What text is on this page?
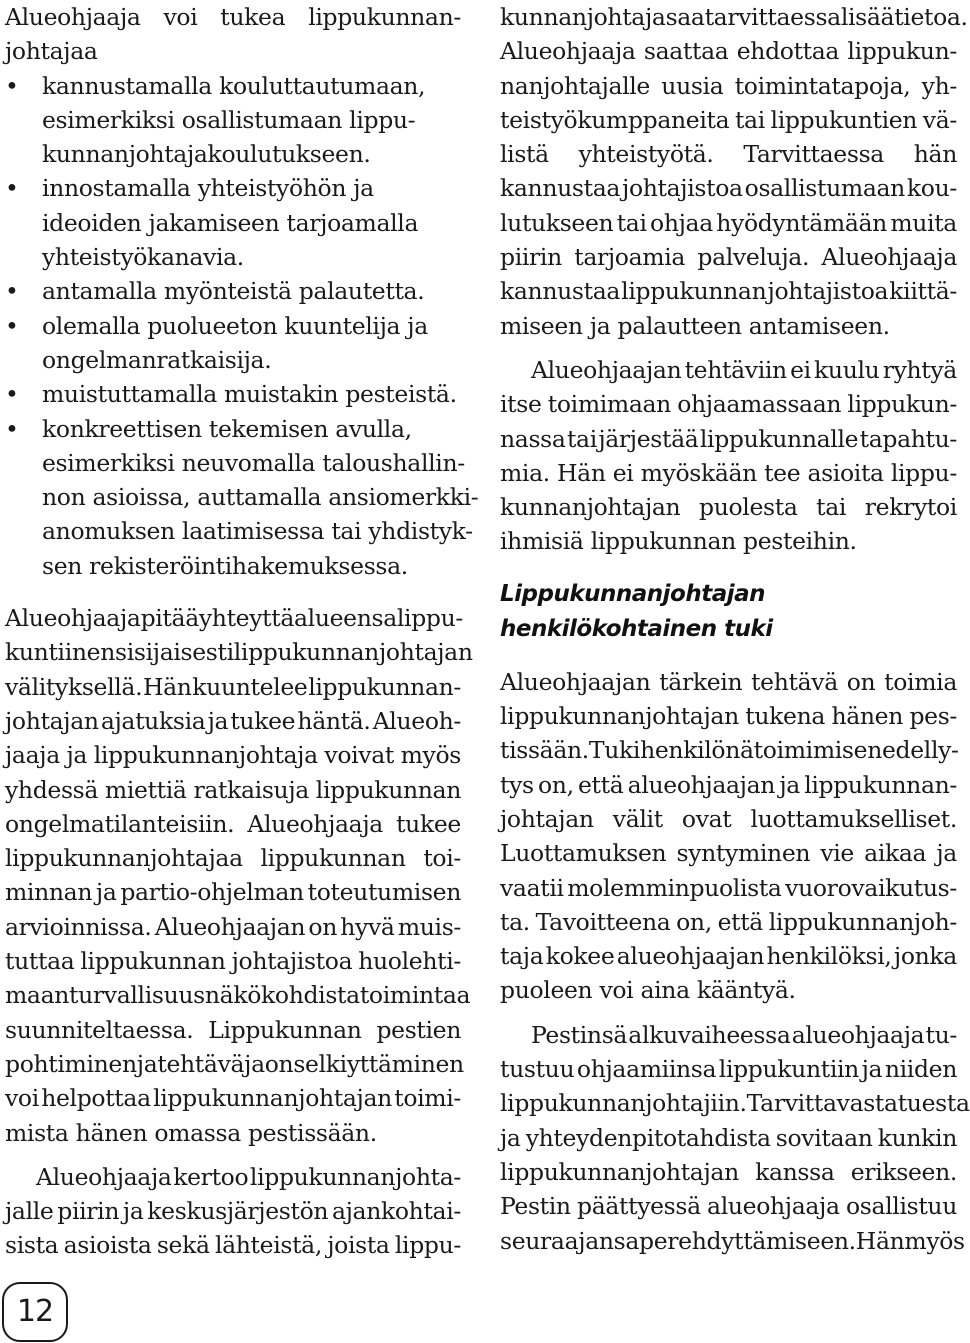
Alueohjaaja voi tukea lippukunnan-
johtajaa
• kannustamalla kouluttautumaan,
esimerkiksi osallistumaan lippu-
kunnanjohtajakoulutukseen.
• innostamalla yhteistyöhön ja
ideoiden jakamiseen tarjoamalla
yhteistyökanavia.
• antamalla myönteistä palautetta.
• olemalla puolueeton kuuntelija ja
ongelmanratkaisija.
• muistuttamalla muistakin pesteistä.
• konkreettisen tekemisen avulla,
esimerkiksi neuvomalla taloushallin-
non asioissa, auttamalla ansiomerkki-
anomuksen laatimisessa tai yhdistyk-
sen rekisteröintihakemuksessa.
Alueohjaaja pitää yhteyttä alueensa lippu-
kuntiin ensisijaisesti lippukunnanjohtajan
välityksellä. Hän kuuntelee lippukunnan-
johtajan ajatuksia ja tukee häntä. Alueoh-
jaaja ja lippukunnanjohtaja voivat myös
yhdessä miettiä ratkaisuja lippukunnan
ongelmatilanteisiin. Alueohjaaja tukee
lippukunnanjohtajaa lippukunnan toi-
minnan ja partio-ohjelman toteutumisen
arvioinnissa. Alueohjaajan on hyvä muis-
tuttaa lippukunnan johtajistoa huolehti-
maan turvallisuusnäkökohdista toimintaa
suunniteltaessa. Lippukunnan pestien
pohtiminen ja tehtäväjaon selkiyttäminen
voi helpottaa lippukunnanjohtajan toimi-
mista hänen omassa pestissään.
Alueohjaaja kertoo lippukunnanjohta-
jalle piirin ja keskusjärjestön ajankohtai-
sista asioista sekä lähteistä, joista lippu-
kunnanjohtaja saa tarvittaessa lisää tietoa.
Alueohjaaja saattaa ehdottaa lippukun-
nanjohtajalle uusia toimintatapoja, yh-
teistyökumppaneita tai lippukuntien vä-
listä yhteistyötä. Tarvittaessa hän
kannustaa johtajistoa osallistumaan kou-
lutukseen tai ohjaa hyödyntämään muita
piirin tarjoamia palveluja. Alueohjaaja
kannustaa lippukunnan johtajistoa kiittä-
miseen ja palautteen antamiseen.
Alueohjaajan tehtäviin ei kuulu ryhtyä
itse toimimaan ohjaamassaan lippukun-
nassa tai järjestää lippukunnalle tapahtu-
mia. Hän ei myöskään tee asioita lippu-
kunnanjohtajan puolesta tai rekrytoi
ihmisiä lippukunnan pesteihin.
Lippukunnanjohtajan
henkilökohtainen tuki
Alueohjaajan tärkein tehtävä on toimia
lippukunnanjohtajan tukena hänen pes-
tissään. Tukihenkilönä toimimisen edelly-
tys on, että alueohjaajan ja lippukunnan-
johtajan välit ovat luottamukselliset.
Luottamuksen syntyminen vie aikaa ja
vaatii molemminpuolista vuorovaikutus-
ta. Tavoitteena on, että lippukunnanjoh-
taja kokee alueohjaajan henkilöksi, jonka
puoleen voi aina kääntyä.
Pestinsä alkuvaiheessa alueohjaaja tu-
tustuu ohjaamiinsa lippukuntiin ja niiden
lippukunnanjohtajiin. Tarvittavasta tuesta
ja yhteydenpitotahdista sovitaan kunkin
lippukunnanjohtajan kanssa erikseen.
Pestin päättyessä alueohjaaja osallistuu
seuraajansa perehdyttämiseen. Hän myös
12
